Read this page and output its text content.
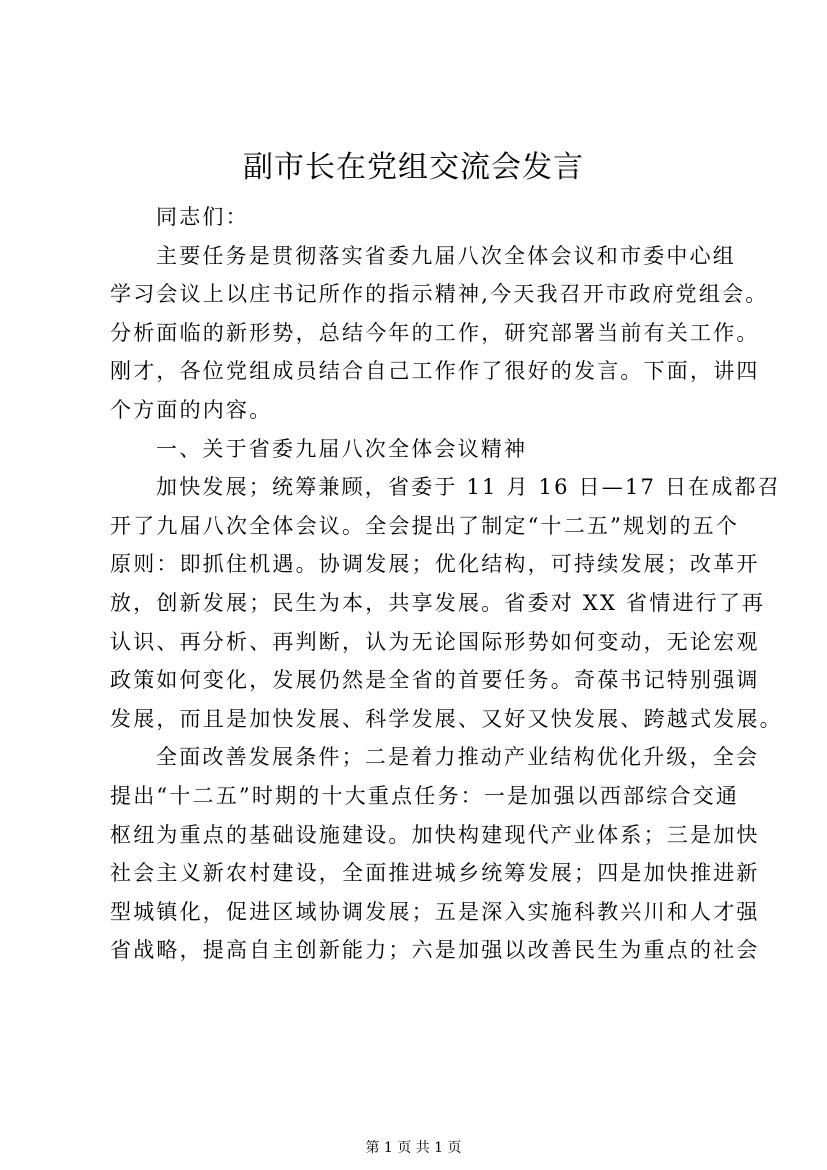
副市长在党组交流会发言
同志们：
主要任务是贯彻落实省委九届八次全体会议和市委中心组
学习会议上以庄书记所作的指示精神,今天我召开市政府党组会。
分析面临的新形势，总结今年的工作，研究部署当前有关工作。
刚才，各位党组成员结合自己工作作了很好的发言。下面，讲四
个方面的内容。
一、关于省委九届八次全体会议精神
加快发展；统筹兼顾，省委于 11 月 16 日—17 日在成都召
开了九届八次全体会议。全会提出了制定“十二五”规划的五个
原则：即抓住机遇。协调发展；优化结构，可持续发展；改革开
放，创新发展；民生为本，共享发展。省委对 XX 省情进行了再
认识、再分析、再判断，认为无论国际形势如何变动，无论宏观
政策如何变化，发展仍然是全省的首要任务。奇葆书记特别强调
发展，而且是加快发展、科学发展、又好又快发展、跨越式发展。
全面改善发展条件；二是着力推动产业结构优化升级，全会
提出“十二五”时期的十大重点任务：一是加强以西部综合交通
枢纽为重点的基础设施建设。加快构建现代产业体系；三是加快
社会主义新农村建设，全面推进城乡统筹发展；四是加快推进新
型城镇化，促进区域协调发展；五是深入实施科教兴川和人才强
省战略，提高自主创新能力；六是加强以改善民生为重点的社会
第 1 页 共 1 页
